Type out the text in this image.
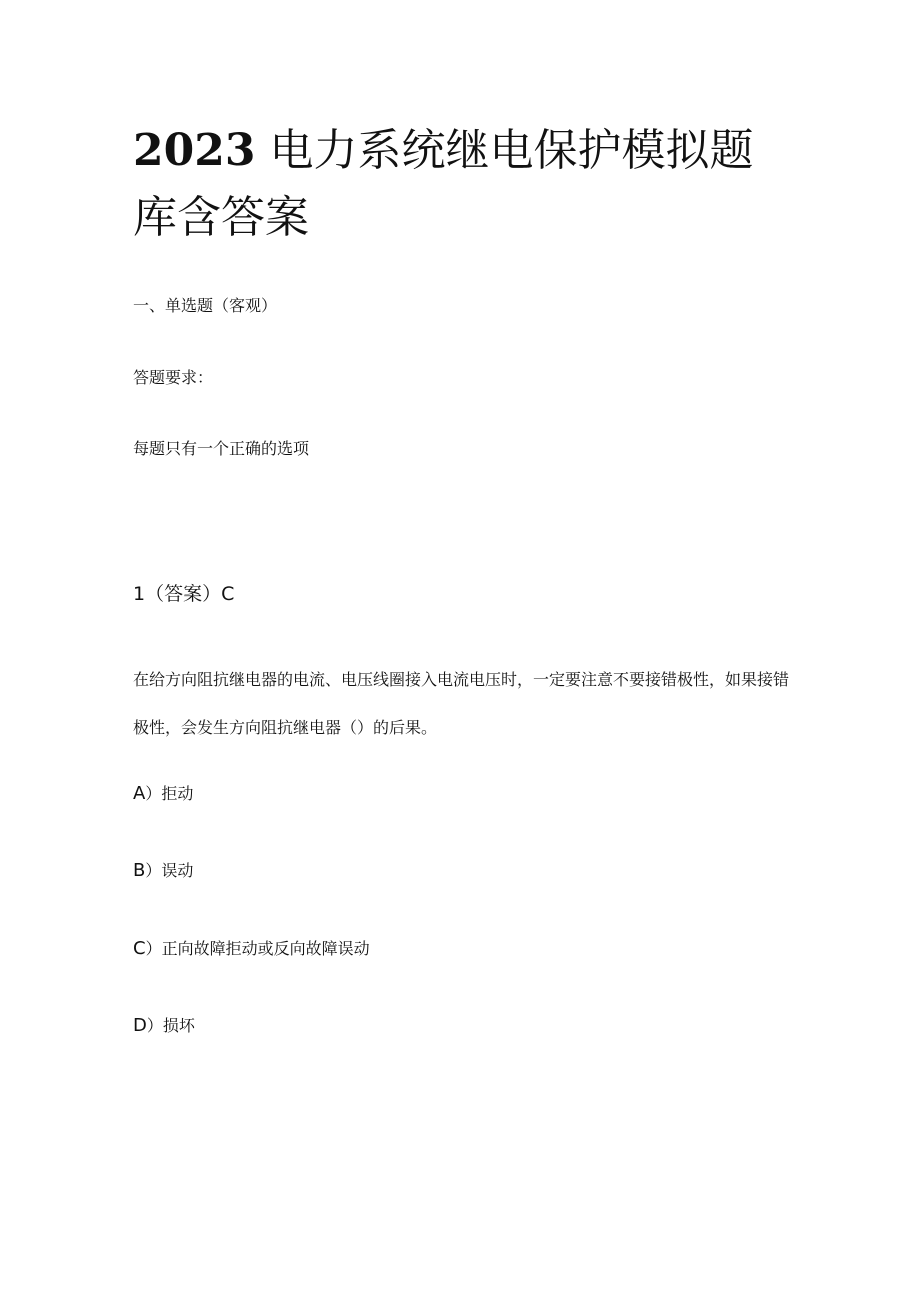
2023 电力系统继电保护模拟题库含答案

一、单选题（客观）

答题要求：

每题只有一个正确的选项

1（答案）C

在给方向阻抗继电器的电流、电压线圈接入电流电压时，一定要注意不要接错极性，如果接错极性，会发生方向阻抗继电器（）的后果。

A）拒动

B）误动

C）正向故障拒动或反向故障误动

D）损坏
